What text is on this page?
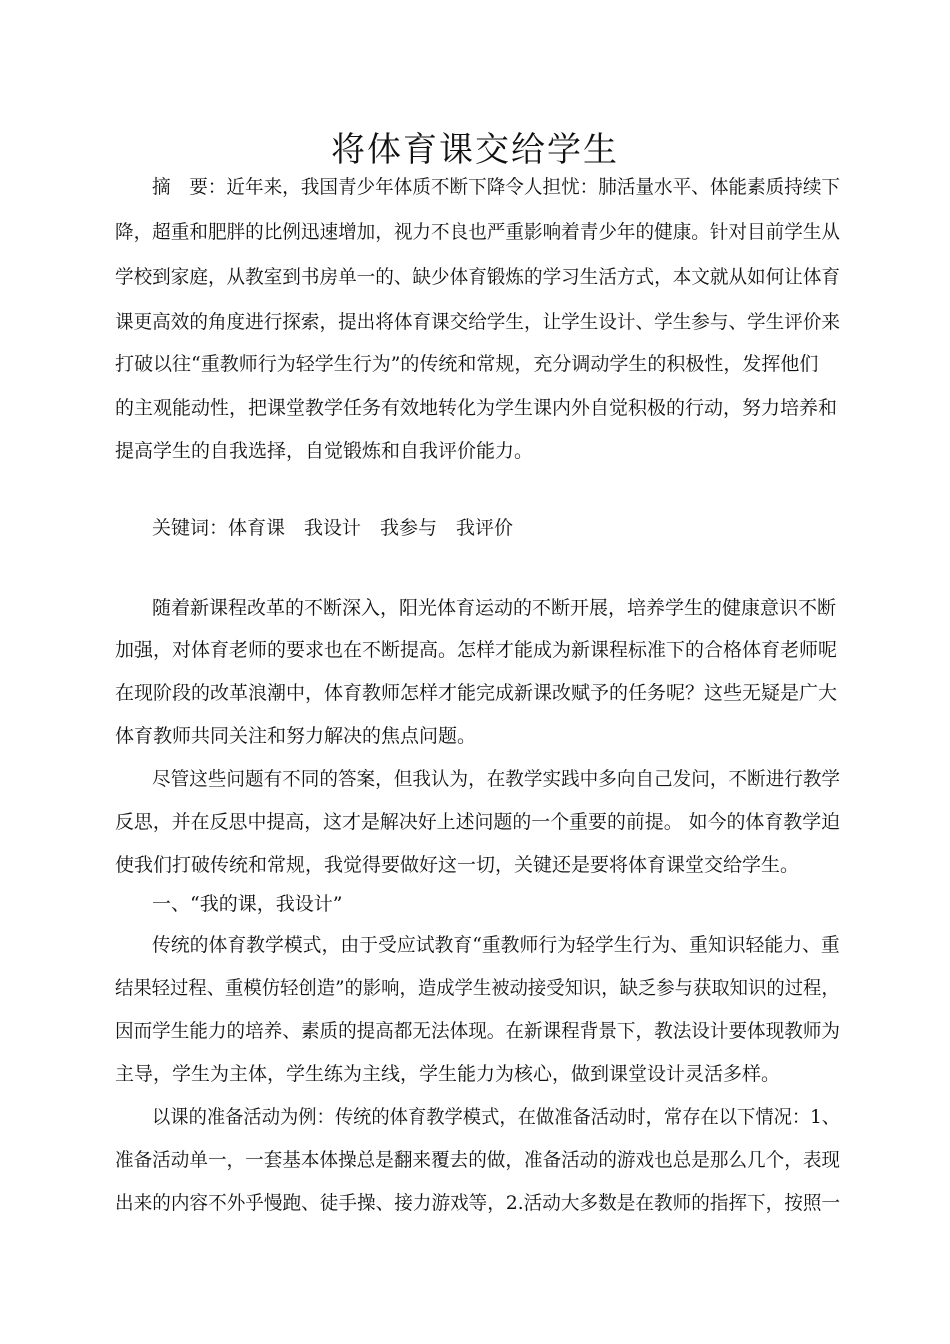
将体育课交给学生
摘　要：近年来，我国青少年体质不断下降令人担忧：肺活量水平、体能素质持续下
降，超重和肥胖的比例迅速增加，视力不良也严重影响着青少年的健康。针对目前学生从
学校到家庭，从教室到书房单一的、缺少体育锻炼的学习生活方式，本文就从如何让体育
课更高效的角度进行探索，提出将体育课交给学生，让学生设计、学生参与、学生评价来
打破以往“重教师行为轻学生行为”的传统和常规，充分调动学生的积极性，发挥他们
的主观能动性，把课堂教学任务有效地转化为学生课内外自觉积极的行动，努力培养和
提高学生的自我选择，自觉锻炼和自我评价能力。
关键词：体育课　我设计　我参与　我评价
随着新课程改革的不断深入，阳光体育运动的不断开展，培养学生的健康意识不断
加强，对体育老师的要求也在不断提高。怎样才能成为新课程标准下的合格体育老师呢
在现阶段的改革浪潮中，体育教师怎样才能完成新课改赋予的任务呢？这些无疑是广大
体育教师共同关注和努力解决的焦点问题。
尽管这些问题有不同的答案，但我认为，在教学实践中多向自己发问，不断进行教学
反思，并在反思中提高，这才是解决好上述问题的一个重要的前提。 如今的体育教学迫
使我们打破传统和常规，我觉得要做好这一切，关键还是要将体育课堂交给学生。
一、“我的课，我设计”
传统的体育教学模式，由于受应试教育“重教师行为轻学生行为、重知识轻能力、重
结果轻过程、重模仿轻创造”的影响，造成学生被动接受知识，缺乏参与获取知识的过程，
因而学生能力的培养、素质的提高都无法体现。在新课程背景下，教法设计要体现教师为
主导，学生为主体，学生练为主线，学生能力为核心，做到课堂设计灵活多样。
以课的准备活动为例：传统的体育教学模式，在做准备活动时，常存在以下情况：1、
准备活动单一，一套基本体操总是翻来覆去的做，准备活动的游戏也总是那么几个，表现
出来的内容不外乎慢跑、徒手操、接力游戏等，2.活动大多数是在教师的指挥下，按照一
